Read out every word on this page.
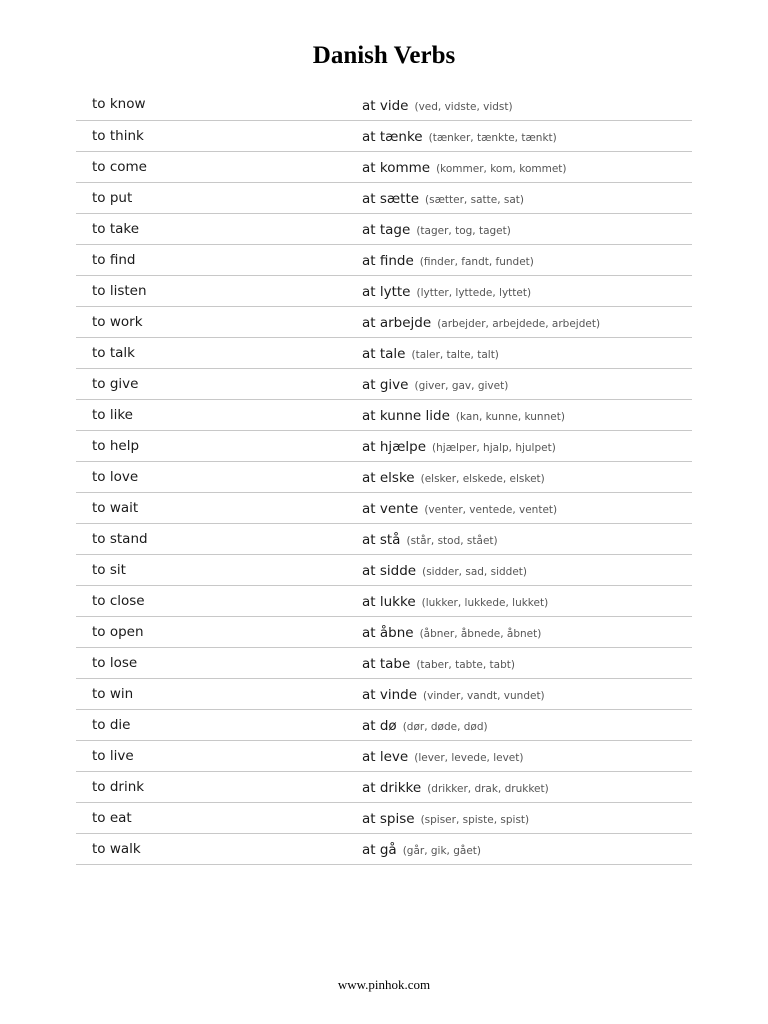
Danish Verbs
to know	at vide (ved, vidste, vidst)
to think	at tænke (tænker, tænkte, tænkt)
to come	at komme (kommer, kom, kommet)
to put	at sætte (sætter, satte, sat)
to take	at tage (tager, tog, taget)
to find	at finde (finder, fandt, fundet)
to listen	at lytte (lytter, lyttede, lyttet)
to work	at arbejde (arbejder, arbejdede, arbejdet)
to talk	at tale (taler, talte, talt)
to give	at give (giver, gav, givet)
to like	at kunne lide (kan, kunne, kunnet)
to help	at hjælpe (hjælper, hjalp, hjulpet)
to love	at elske (elsker, elskede, elsket)
to wait	at vente (venter, ventede, ventet)
to stand	at stå (står, stod, stået)
to sit	at sidde (sidder, sad, siddet)
to close	at lukke (lukker, lukkede, lukket)
to open	at åbne (åbner, åbnede, åbnet)
to lose	at tabe (taber, tabte, tabt)
to win	at vinde (vinder, vandt, vundet)
to die	at dø (dør, døde, død)
to live	at leve (lever, levede, levet)
to drink	at drikke (drikker, drak, drukket)
to eat	at spise (spiser, spiste, spist)
to walk	at gå (går, gik, gået)
www.pinhok.com
